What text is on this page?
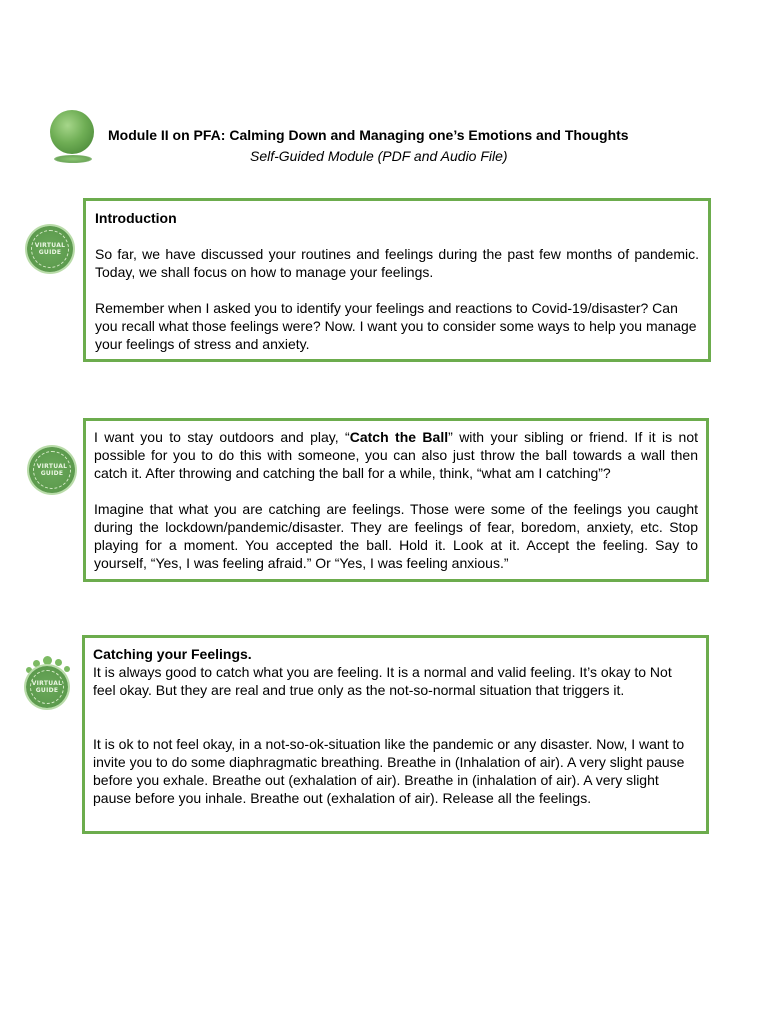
Module II on PFA: Calming Down and Managing one’s Emotions and Thoughts
Self-Guided Module (PDF and Audio File)
VIRTUAL
GUIDE

Introduction

So far, we have discussed your routines and feelings during the past few months of pandemic. Today, we shall focus on how to manage your feelings.

Remember when I asked you to identify your feelings and reactions to Covid-19/disaster? Can you recall what those feelings were? Now. I want you to consider some ways to help you manage your feelings of stress and anxiety.

VIRTUAL
GUIDE

I want you to stay outdoors and play, “Catch the Ball” with your sibling or friend. If it is not possible for you to do this with someone, you can also just throw the ball towards a wall then catch it. After throwing and catching the ball for a while, think, “what am I catching”?

Imagine that what you are catching are feelings. Those were some of the feelings you caught during the lockdown/pandemic/disaster. They are feelings of fear, boredom, anxiety, etc. Stop playing for a moment. You accepted the ball. Hold it. Look at it. Accept the feeling. Say to yourself, “Yes, I was feeling afraid.” Or “Yes, I was feeling anxious.”

VIRTUAL
GUIDE

Catching your Feelings.

It is always good to catch what you are feeling. It is a normal and valid feeling. It’s okay to Not feel okay. But they are real and true only as the not-so-normal situation that triggers it.

It is ok to not feel okay, in a not-so-ok-situation like the pandemic or any disaster. Now, I want to invite you to do some diaphragmatic breathing. Breathe in (Inhalation of air). A very slight pause before you exhale. Breathe out (exhalation of air). Breathe in (inhalation of air). A very slight pause before you inhale. Breathe out (exhalation of air). Release all the feelings.
